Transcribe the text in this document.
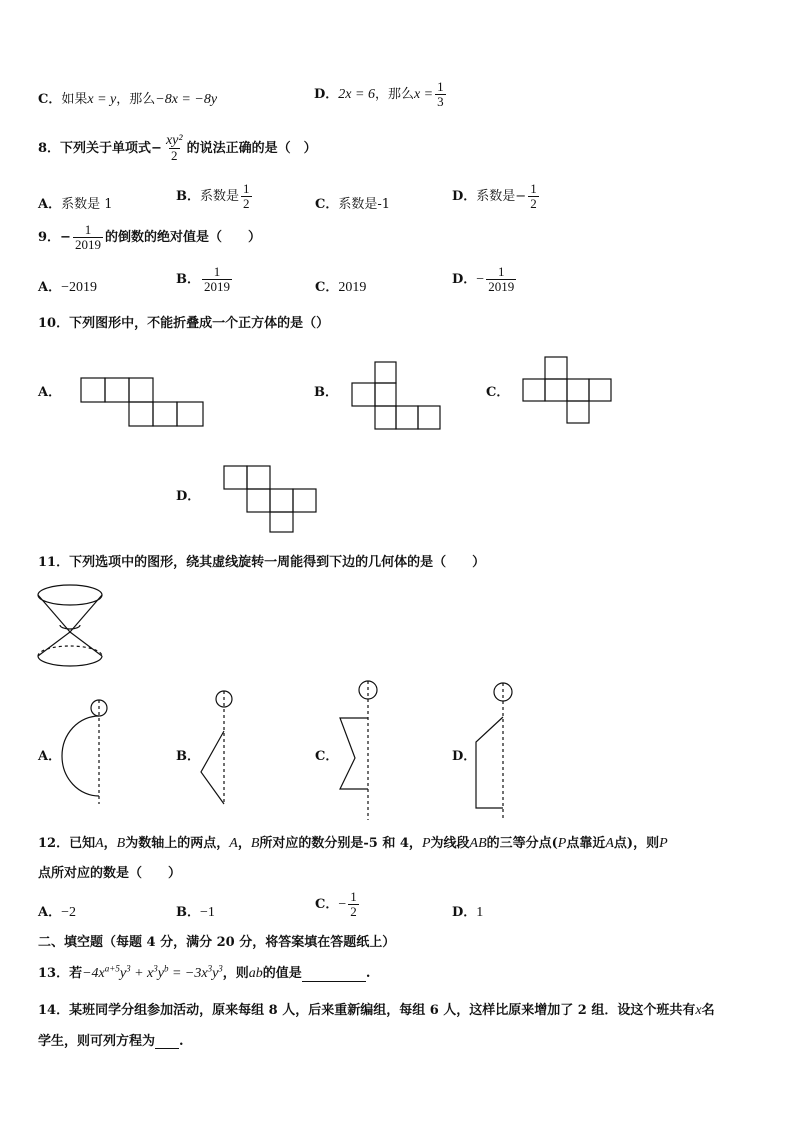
C．如果x = y，那么−8x = −8y	D．2x = 6，那么$x = \frac{1}{3}$
8．下列关于单项式− $\frac{\text{xy²}}{2}$ 的说法正确的是（　）
A．系数是 1
B．系数是 $\frac{1}{2}$	C．系数是-1
D．系数是− $\frac{1}{2}$
9．− $\frac{1}{2019}$ 的倒数的绝对值是（　　）
A．−2019
B． $\frac{1}{2019}$	C．2019
D．− $\frac{1}{2019}$
10．下列图形中，不能折叠成一个正方体的是（）
A．	B．	C．
D．
11．下列选项中的图形，绕其虚线旋转一周能得到下边的几何体的是（　　）
A．	B．	C．	D．
12．已知A，B为数轴上的两点，A，B所对应的数分别是-5 和 4，P为线段AB的三等分点(P点靠近A点)，则P
点所对应的数是（　　）
A．−2	B．−1
C．− $\frac{1}{2}$	D．1
二、填空题（每题 4 分，满分 20 分，将答案填在答题纸上）
13．若$-4x^{a+5}y^3 + x^3y^b = -3x^3y^3$，则ab的值是	.
14．某班同学分组参加活动，原来每组 8 人，后来重新编组，每组 6 人，这样比原来增加了 2 组．设这个班共有x名
学生，则可列方程为 .
